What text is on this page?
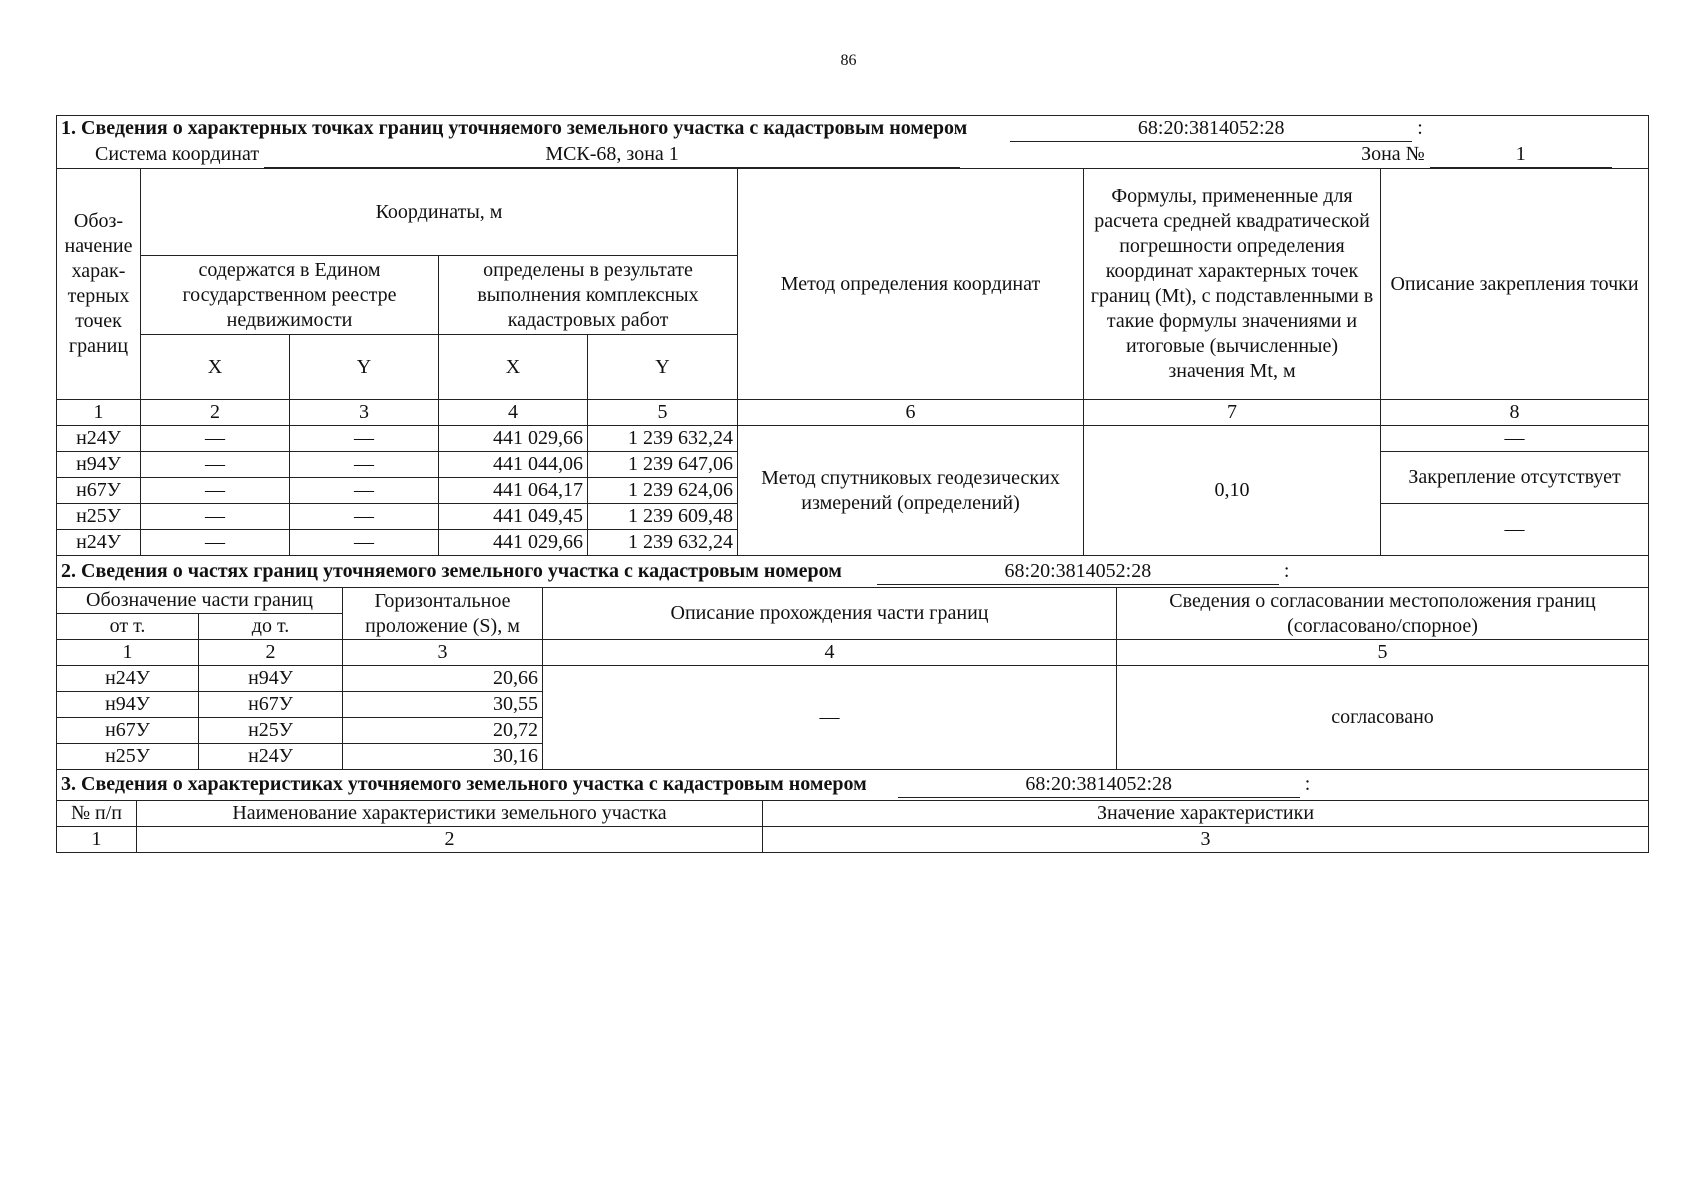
86
1. Сведения о характерных точках границ уточняемого земельного участка с кадастровым номером 68:20:3814052:28 :							
Система координат МСК-68, зона 1 Зона № 1							
Обоз-начение харак-терных точек границ	Координаты, м				Метод определения координат	Формулы, примененные для расчета средней квадратической погрешности определения координат характерных точек границ (Mt), с подставленными в такие формулы значениями и итоговые (вычисленные) значения Mt, м	Описание закрепления точки
	содержатся в Едином государственном реестре недвижимости		определены в результате выполнения комплексных кадастровых работ				
	X	Y	X	Y			
1	2	3	4	5	6	7	8
н24У	—	—	441 029,66	1 239 632,24	Метод спутниковых геодезических измерений (определений)	0,10	—
н94У	—	—	441 044,06	1 239 647,06			Закрепление отсутствует
н67У	—	—	441 064,17	1 239 624,06			
н25У	—	—	441 049,45	1 239 609,48			—
н24У	—	—	441 029,66	1 239 632,24			
2. Сведения о частях границ уточняемого земельного участка с кадастровым номером 68:20:3814052:28 :				
Обозначение части границ		Горизонтальное проложение (S), м	Описание прохождения части границ	Сведения о согласовании местоположения границ (согласовано/спорное)
от т.	до т.			
1	2	3	4	5
н24У	н94У	20,66	—	согласовано
н94У	н67У	30,55		
н67У	н25У	20,72		
н25У	н24У	30,16		
3. Сведения о характеристиках уточняемого земельного участка с кадастровым номером 68:20:3814052:28 :		
№ п/п	Наименование характеристики земельного участка	Значение характеристики
1	2	3
